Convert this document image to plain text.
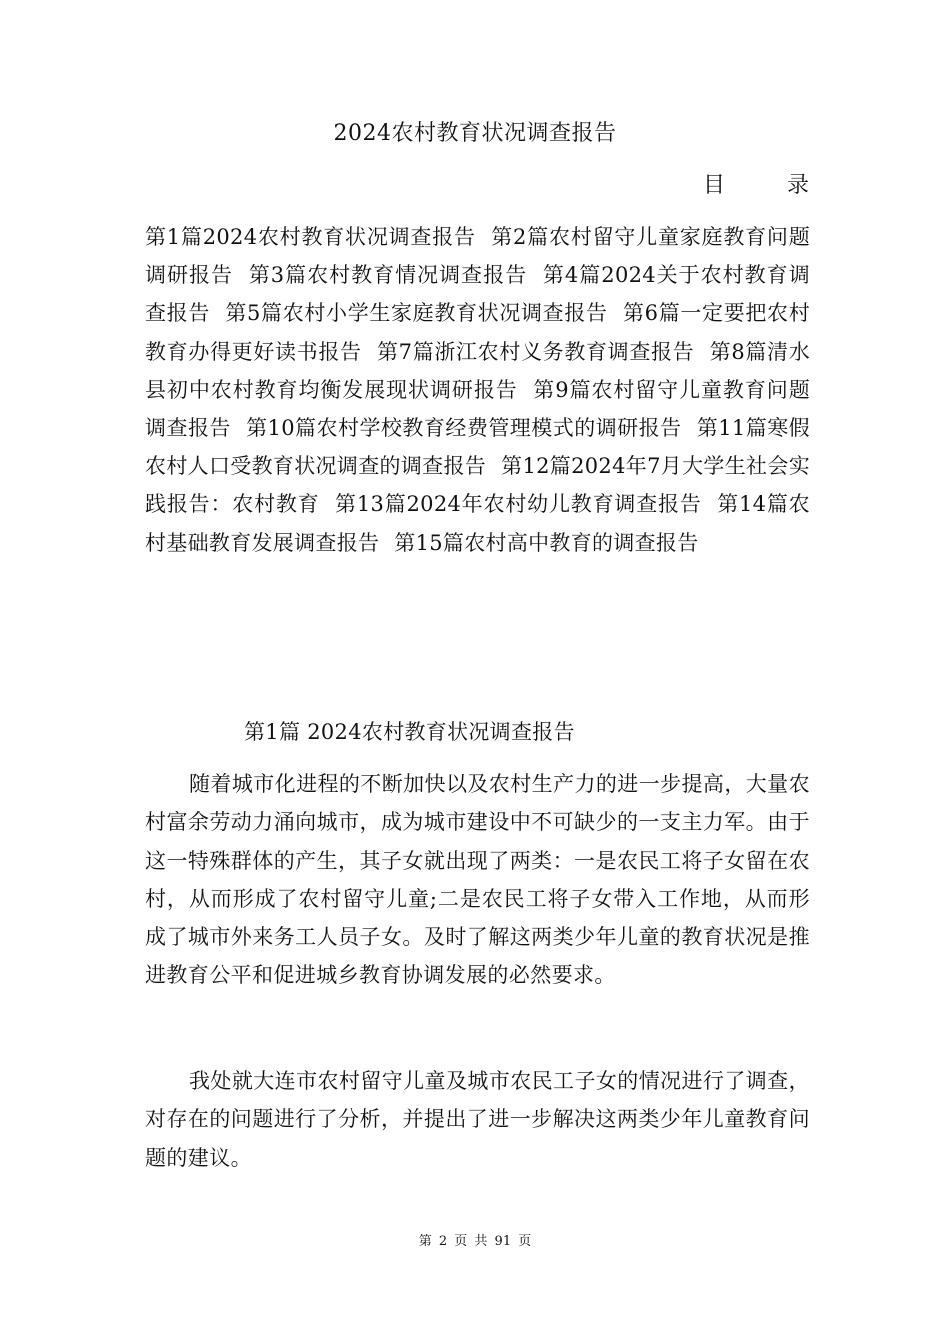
2024农村教育状况调查报告
目	录
第1篇2024农村教育状况调查报告 第2篇农村留守儿童家庭教育问题调研报告 第3篇农村教育情况调查报告 第4篇2024关于农村教育调查报告 第5篇农村小学生家庭教育状况调查报告 第6篇一定要把农村教育办得更好读书报告 第7篇浙江农村义务教育调查报告 第8篇清水县初中农村教育均衡发展现状调研报告 第9篇农村留守儿童教育问题调查报告 第10篇农村学校教育经费管理模式的调研报告 第11篇寒假农村人口受教育状况调查的调查报告 第12篇2024年7月大学生社会实践报告：农村教育 第13篇2024年农村幼儿教育调查报告 第14篇农村基础教育发展调查报告 第15篇农村高中教育的调查报告
第1篇 2024农村教育状况调查报告

随着城市化进程的不断加快以及农村生产力的进一步提高，大量农村富余劳动力涌向城市，成为城市建设中不可缺少的一支主力军。由于这一特殊群体的产生，其子女就出现了两类：一是农民工将子女留在农村，从而形成了农村留守儿童;二是农民工将子女带入工作地，从而形成了城市外来务工人员子女。及时了解这两类少年儿童的教育状况是推进教育公平和促进城乡教育协调发展的必然要求。

我处就大连市农村留守儿童及城市农民工子女的情况进行了调查，对存在的问题进行了分析，并提出了进一步解决这两类少年儿童教育问题的建议。

第 2 页 共 91 页
